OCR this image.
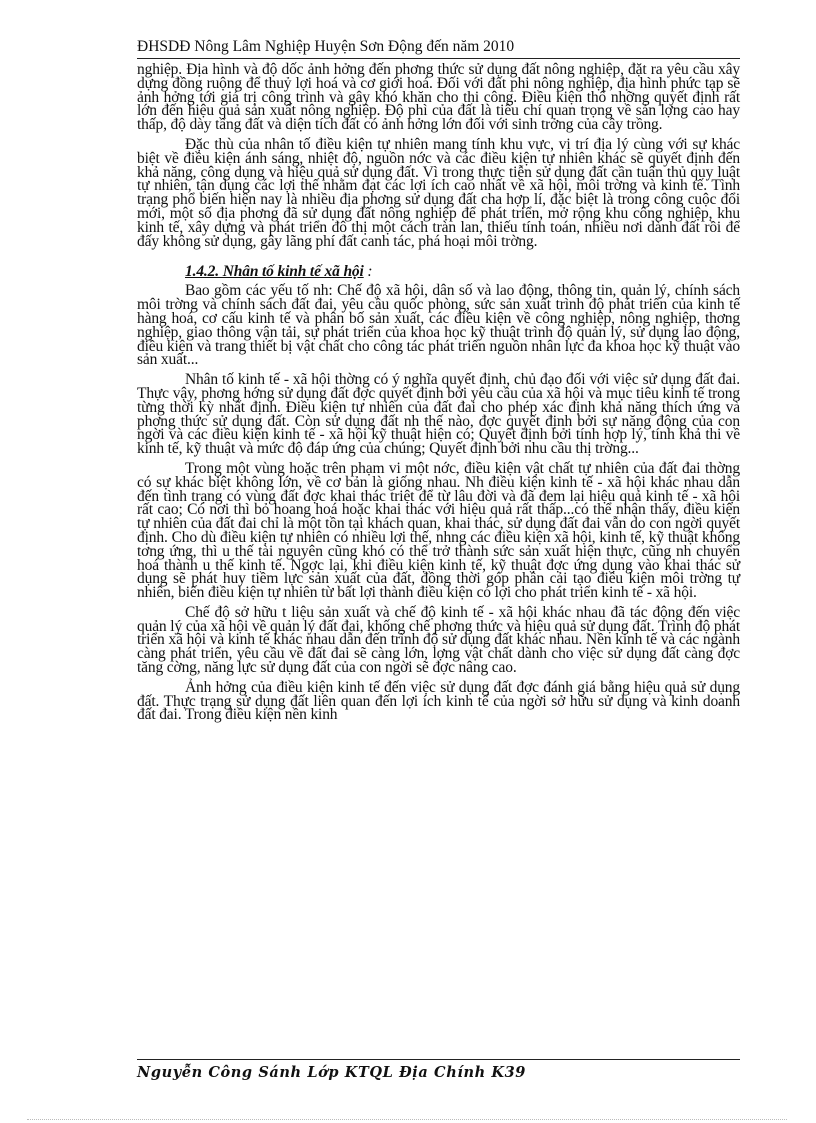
ĐHSDĐ Nông Lâm Nghiệp Huyện Sơn Động đến năm 2010

nghiệp. Địa hình và độ dốc ảnh hởng đến phơng thức sử dụng đất nông nghiệp, đặt ra yêu cầu xây dựng đồng ruộng để thuỷ lợi hoá và cơ giới hoá. Đối với đất phi nông nghiệp, địa hình phức tạp sẽ ảnh hởng tới giá trị công trình và gây khó khăn cho thi công. Điều kiện thổ nhỡng quyết định rất lớn đến hiệu quả sản xuất nông nghiệp. Độ phì của đất là tiêu chí quan trọng về sản lợng cao hay thấp, độ dày tầng đất và diện tích đất có ảnh hởng lớn đối với sinh trởng của cây trồng.

Đặc thù của nhân tố điều kiện tự nhiên mang tính khu vực, vị trí địa lý cùng với sự khác biệt về điều kiện ánh sáng, nhiệt độ, nguồn nớc và các điều kiện tự nhiên khác sẽ quyết định đến khả năng, công dụng và hiệu quả sử dụng đất. Vì trong thực tiễn sử dụng đất cần tuân thủ quy luật tự nhiên, tận dụng các lợi thế nhằm đạt các lợi ích cao nhất về xã hội, môi trờng và kinh tế. Tình trạng phổ biến hiện nay là nhiều địa phơng sử dụng đất cha hợp lí, đặc biệt là trong công cuộc đổi mới, một số địa phơng đã sử dụng đất nông nghiệp để phát triển, mở rộng khu công nghiệp, khu kinh tế, xây dựng và phát triển đô thị một cách tràn lan, thiếu tính toán, nhiều nơi dành đất rồi để đấy không sử dụng, gây lãng phí đất canh tác, phá hoại môi trờng.

1.4.2. Nhân tố kinh tế xã hội :

Bao gồm các yếu tố nh: Chế độ xã hội, dân số và lao động, thông tin, quản lý, chính sách môi trờng và chính sách đất đai, yêu cầu quốc phòng, sức sản xuất trình độ phát triển của kinh tế hàng hoá, cơ cấu kinh tế và phân bố sản xuất, các điều kiện về công nghiệp, nông nghiệp, thơng nghiệp, giao thông vận tải, sự phát triển của khoa học kỹ thuật trình độ quản lý, sử dụng lao động, điều kiện và trang thiết bị vật chất cho công tác phát triển nguồn nhân lực đa khoa học kỹ thuật vào sản xuất...

Nhân tố kinh tế - xã hội thờng có ý nghĩa quyết định, chủ đạo đối với việc sử dụng đất đai. Thực vậy, phơng hớng sử dụng đất đợc quyết định bởi yêu cầu của xã hội và mục tiêu kinh tế trong từng thời kỳ nhất định. Điều kiện tự nhiên của đất đai cho phép xác định khả năng thích ứng và phơng thức sử dụng đất. Còn sử dụng đất nh thế nào, đợc quyết định bởi sự năng động của con ngời và các điều kiện kinh tế - xã hội kỹ thuật hiện có; Quyết định bởi tính hợp lý, tính khả thi về kinh tế, kỹ thuật và mức độ đáp ứng của chúng; Quyết định bởi nhu cầu thị trờng...

Trong một vùng hoặc trên phạm vi một nớc, điều kiện vật chất tự nhiên của đất đai thờng có sự khác biệt không lớn, về cơ bản là giống nhau. Nh điều kiện kinh tế - xã hội khác nhau dẫn đến tình trạng có vùng đất đợc khai thác triệt để từ lâu đời và đã đem lại hiệu quả kinh tế - xã hội rất cao; Có nơi thì bỏ hoang hoá hoặc khai thác với hiệu quả rất thấp...có thể nhận thấy, điều kiện tự nhiên của đất đai chỉ là một tồn tại khách quan, khai thác, sử dụng đất đai vẫn do con ngời quyết định. Cho dù điều kiện tự nhiên có nhiều lợi thế, nhng các điều kiện xã hội, kinh tế, kỹ thuật không tơng ứng, thì u thế tài nguyên cũng khó có thể trở thành sức sản xuất hiện thực, cũng nh chuyển hoá thành u thế kinh tế. Ngợc lại, khi điều kiện kinh tế, kỹ thuật đợc ứng dụng vào khai thác sử dụng sẽ phát huy tiềm lực sản xuất của đất, đồng thời góp phần cải tạo điều kiện môi trờng tự nhiên, biến điều kiện tự nhiên từ bất lợi thành điều kiện có lợi cho phát triển kinh tế - xã hội.

Chế độ sở hữu t liệu sản xuất và chế độ kinh tế - xã hội khác nhau đã tác động đến việc quản lý của xã hội về quản lý đất đai, khống chế phơng thức và hiệu quả sử dụng đất. Trình độ phát triển xã hội và kinh tế khác nhau dẫn đến trình độ sử dụng đất khác nhau. Nền kinh tế và các ngành càng phát triển, yêu cầu về đất đai sẽ càng lớn, lợng vật chất dành cho việc sử dụng đất càng đợc tăng cờng, năng lực sử dụng đất của con ngời sẽ đợc nâng cao.

Ảnh hởng của điều kiện kinh tế đến việc sử dụng đất đợc đánh giá bằng hiệu quả sử dụng đất. Thực trạng sử dụng đất liên quan đến lợi ích kinh tế của ngời sở hữu sử dụng và kinh doanh đất đai. Trong điều kiện nền kinh

Nguyễn Công Sánh Lớp KTQL Địa Chính K39
